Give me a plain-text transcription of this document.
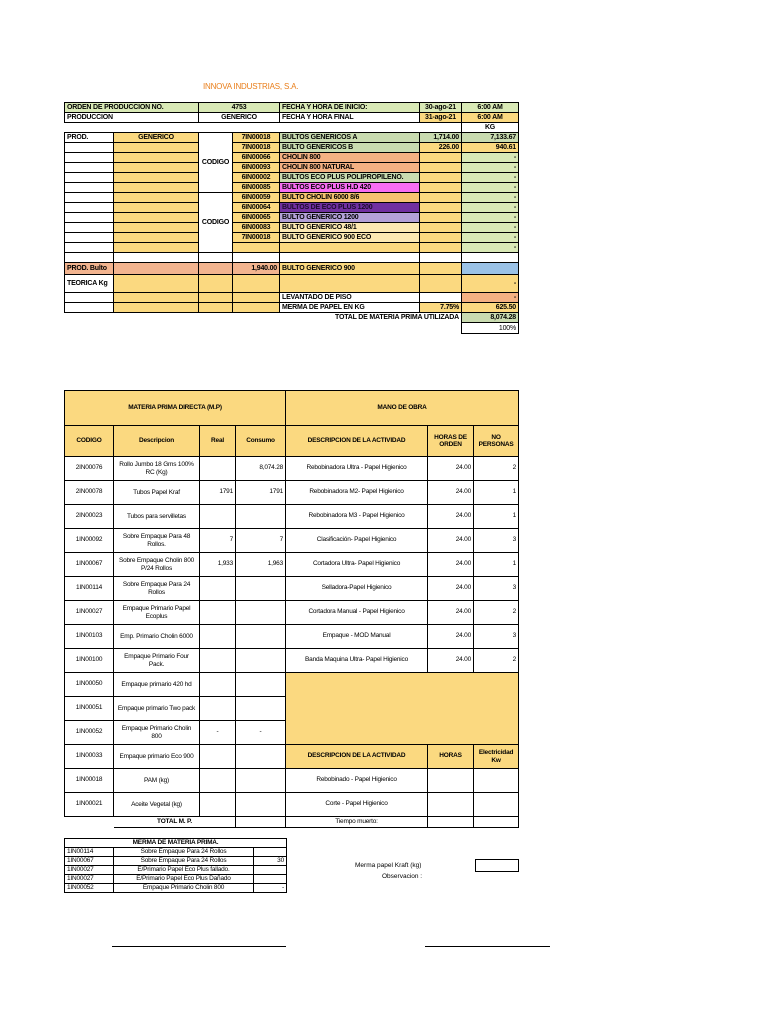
INNOVA INDUSTRIAS, S.A.
ORDEN DE PRODUCCION NO.		4753		FECHA Y HORA DE INICIO:	30-ago-21	6:00 AM
PRODUCCION		GENERICO		FECHA Y HORA FINAL	31-ago-21	6:00 AM
						KG
PROD.	GENERICO	CODIGO	7IN00018	BULTOS GENERICOS A	1,714.00	7,133.67
			7IN00018	BULTO GENERICOS B	226.00	940.61
			6IN00066	CHOLIN 800		-
			6IN00093	CHOLIN 800 NATURAL		-
			6IN00002	BULTOS ECO PLUS POLIPROPILENO.		-
			6IN00085	BULTOS ECO PLUS H.D 420		-
		CODIGO	6IN00059	BULTO CHOLIN 6000 8/6		-
			6IN00064	BULTOS DE ECO PLUS 1200		-
			6IN00065	BULTO GENERICO 1200		-
			6IN00083	BULTO GENERICO 48/1		-
			7IN00018	BULTO GENERICO 900 ECO		-
						-

PROD. Bulto			1,940.00	BULTO GENERICO 900		
TEORICA Kg						-
				LEVANTADO DE PISO		-
				MERMA DE PAPEL EN KG	7.75%	625.50
				TOTAL DE MATERIA PRIMA UTILIZADA		8,074.28
						100%
MATERIA PRIMA DIRECTA (M.P)				MANO DE OBRA		
CODIGO	Descripcion	Real	Consumo	DESCRIPCION DE LA ACTIVIDAD	HORAS DE ORDEN	NO PERSONAS
2IN00076	Rollo Jumbo 18 Gms 100% RC (Kg)		8,074.28	Rebobinadora Ultra - Papel Higienico	24.00	2
2IN00078	Tubos Papel Kraf	1791	1791	Rebobinadora M2- Papel Higienico	24.00	1
2IN00023	Tubos para servilletas			Rebobinadora M3 - Papel Higienico	24.00	1
1IN00092	Sobre Empaque Para 48 Rollos.	7	7	Clasificación- Papel Higienico	24.00	3
1IN00067	Sobre Empaque Cholin 800 P/24 Rollos	1,933	1,963	Cortadora Ultra- Papel Higienico	24.00	1
1IN00114	Sobre Empaque Para 24 Rollos			Selladora-Papel Higienico	24.00	3
1IN00027	Empaque Primario Papel Ecoplus			Cortadora Manual - Papel Higienico	24.00	2
1IN00103	Emp. Primario Cholin 6000			Empaque - MOD Manual	24.00	3
1IN00100	Empaque Primario Four Pack.			Banda Maquina Ultra- Papel Higienico	24.00	2
1IN00050	Empaque primario 420 hd					
1IN00051	Empaque primario Two pack					
1IN00052	Empaque Primario Cholin 800	-	-			
1IN00033	Empaque primario Eco 900			DESCRIPCION DE LA ACTIVIDAD	HORAS	Electricidad Kw
1IN00018	PAM (kg)			Rebobinado - Papel Higienico		
1IN00021	Aceite Vegetal (kg)			Corte - Papel Higienico		
	TOTAL M. P.			Tiempo muerto:		
MERMA DE MATERIA PRIMA.		
1IN00114	Sobre Empaque Para 24 Rollos	
1IN00067	Sobre Empaque Para 24 Rollos	30
1IN00027	E/Primario Papel Eco Plus fallado.	
1IN00027	E/Primario Papel Eco Plus Dañado	
1IN00052	Empaque Primario Cholin 800	-
Merma papel Kraft (kg)
Observacion :
